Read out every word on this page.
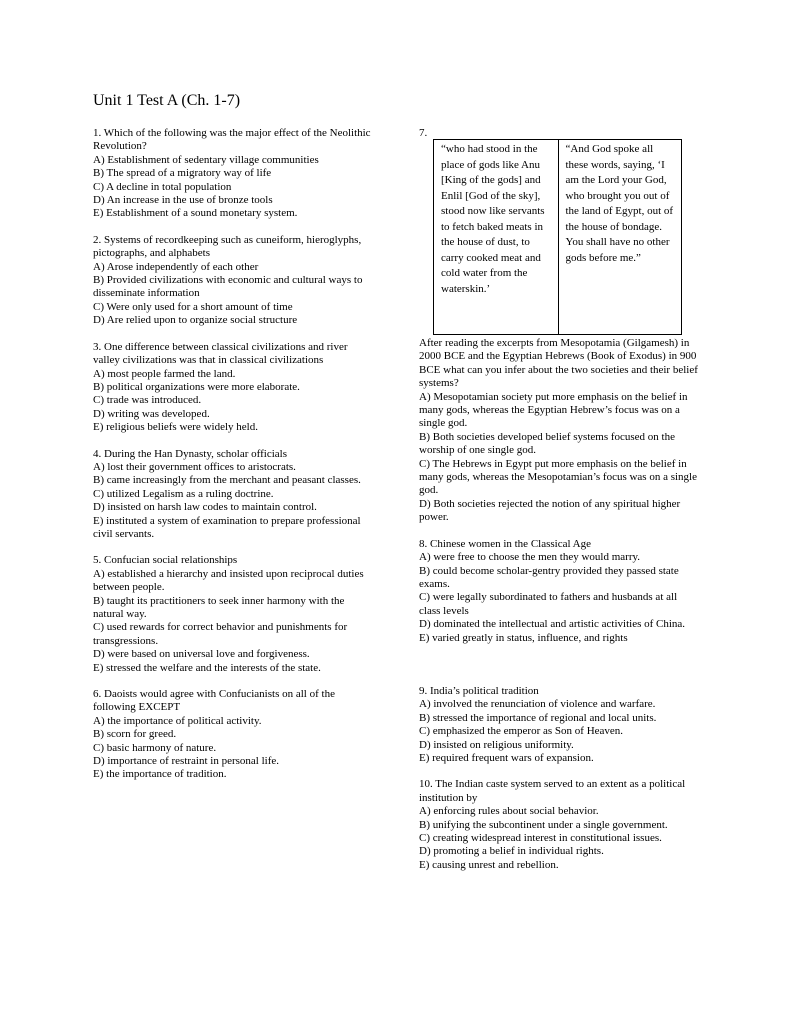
Unit 1 Test A (Ch. 1-7)
1. Which of the following was the major effect of the Neolithic Revolution?
A) Establishment of sedentary village communities
B) The spread of a migratory way of life
C) A decline in total population
D) An increase in the use of bronze tools
E) Establishment of a sound monetary system.
2. Systems of recordkeeping such as cuneiform, hieroglyphs, pictographs, and alphabets
A) Arose independently of each other
B) Provided civilizations with economic and cultural ways to disseminate information
C) Were only used for a short amount of time
D) Are relied upon to organize social structure
3. One difference between classical civilizations and river valley civilizations was that in classical civilizations
A) most people farmed the land.
B) political organizations were more elaborate.
C) trade was introduced.
D) writing was developed.
E) religious beliefs were widely held.
4. During the Han Dynasty, scholar officials
A) lost their government offices to aristocrats.
B) came increasingly from the merchant and peasant classes.
C) utilized Legalism as a ruling doctrine.
D) insisted on harsh law codes to maintain control.
E) instituted a system of examination to prepare professional civil servants.
5. Confucian social relationships
A) established a hierarchy and insisted upon reciprocal duties between people.
B) taught its practitioners to seek inner harmony with the natural way.
C) used rewards for correct behavior and punishments for transgressions.
D) were based on universal love and forgiveness.
E) stressed the welfare and the interests of the state.
6. Daoists would agree with Confucianists on all of the following EXCEPT
A) the importance of political activity.
B) scorn for greed.
C) basic harmony of nature.
D) importance of restraint in personal life.
E) the importance of tradition.
7.
“who had stood in the place of gods like Anu [King of the gods] and Enlil [God of the sky], stood now like servants to fetch baked meats in the house of dust, to carry cooked meat and cold water from the waterskin.’
“And God spoke all these words, saying, ‘I am the Lord your God, who brought you out of the land of Egypt, out of the house of bondage. You shall have no other gods before me.”
After reading the excerpts from Mesopotamia (Gilgamesh) in 2000 BCE and the Egyptian Hebrews (Book of Exodus) in 900 BCE what can you infer about the two societies and their belief systems?
A) Mesopotamian society put more emphasis on the belief in many gods, whereas the Egyptian Hebrew’s focus was on a single god.
B) Both societies developed belief systems focused on the worship of one single god.
C) The Hebrews in Egypt put more emphasis on the belief in many gods, whereas the Mesopotamian’s focus was on a single god.
D) Both societies rejected the notion of any spiritual higher power.
8. Chinese women in the Classical Age
A) were free to choose the men they would marry.
B) could become scholar-gentry provided they passed state exams.
C) were legally subordinated to fathers and husbands at all class levels
D) dominated the intellectual and artistic activities of China.
E) varied greatly in status, influence, and rights
9. India’s political tradition
A) involved the renunciation of violence and warfare.
B) stressed the importance of regional and local units.
C) emphasized the emperor as Son of Heaven.
D) insisted on religious uniformity.
E) required frequent wars of expansion.
10. The Indian caste system served to an extent as a political institution by
A) enforcing rules about social behavior.
B) unifying the subcontinent under a single government.
C) creating widespread interest in constitutional issues.
D) promoting a belief in individual rights.
E) causing unrest and rebellion.
